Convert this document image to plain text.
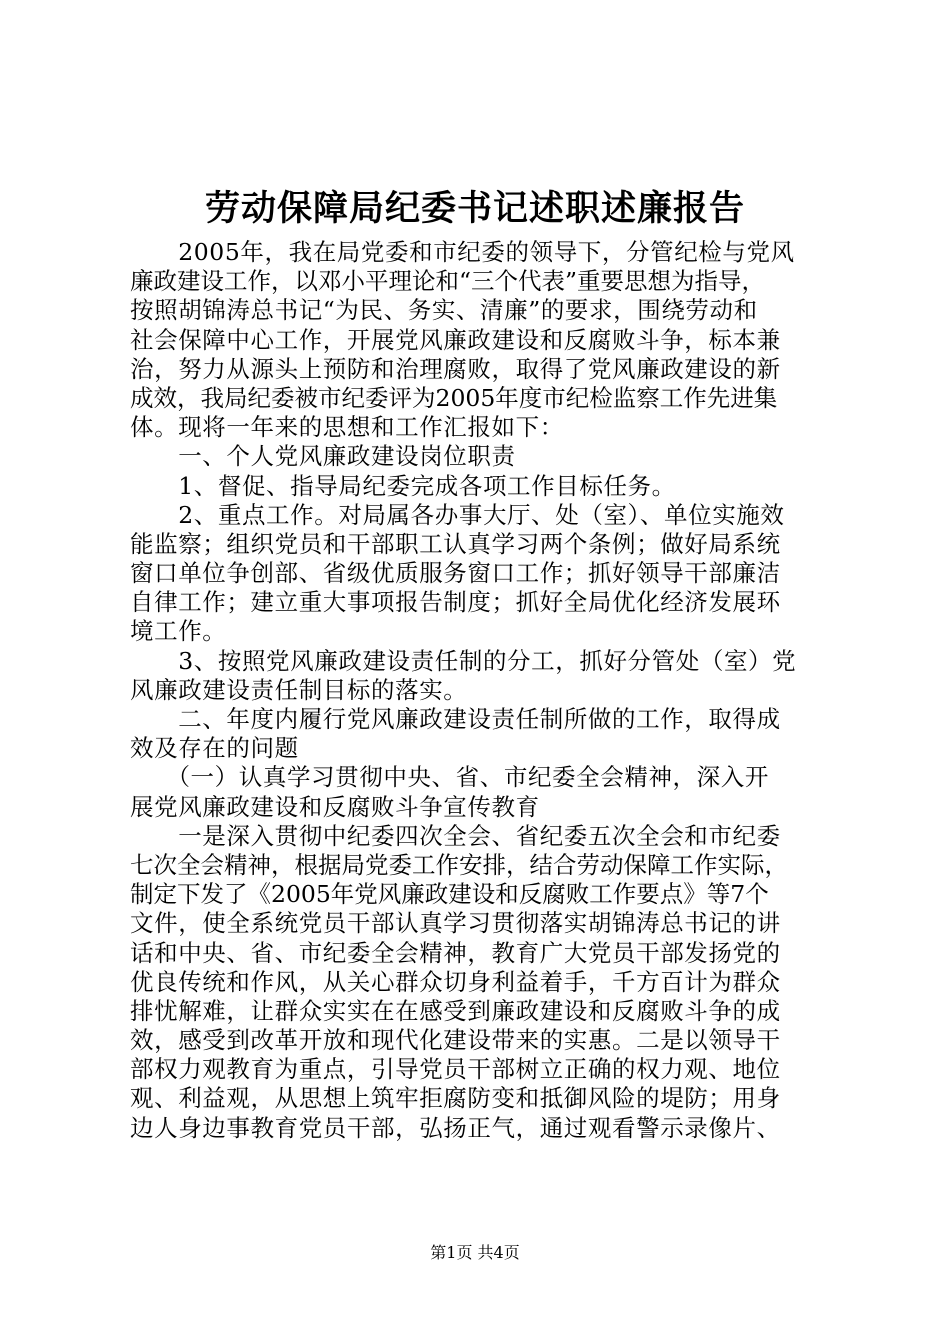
劳动保障局纪委书记述职述廉报告
　　2005年，我在局党委和市纪委的领导下，分管纪检与党风
廉政建设工作，以邓小平理论和“三个代表”重要思想为指导，
按照胡锦涛总书记“为民、务实、清廉”的要求，围绕劳动和
社会保障中心工作，开展党风廉政建设和反腐败斗争，标本兼
治，努力从源头上预防和治理腐败，取得了党风廉政建设的新
成效，我局纪委被市纪委评为2005年度市纪检监察工作先进集
体。现将一年来的思想和工作汇报如下：
　　一、个人党风廉政建设岗位职责
　　1、督促、指导局纪委完成各项工作目标任务。
　　2、重点工作。对局属各办事大厅、处（室）、单位实施效
能监察；组织党员和干部职工认真学习两个条例；做好局系统
窗口单位争创部、省级优质服务窗口工作；抓好领导干部廉洁
自律工作；建立重大事项报告制度；抓好全局优化经济发展环
境工作。
　　3、按照党风廉政建设责任制的分工，抓好分管处（室）党
风廉政建设责任制目标的落实。
　　二、年度内履行党风廉政建设责任制所做的工作，取得成
效及存在的问题
　　（一）认真学习贯彻中央、省、市纪委全会精神，深入开
展党风廉政建设和反腐败斗争宣传教育
　　一是深入贯彻中纪委四次全会、省纪委五次全会和市纪委
七次全会精神，根据局党委工作安排，结合劳动保障工作实际，
制定下发了《2005年党风廉政建设和反腐败工作要点》等7个
文件，使全系统党员干部认真学习贯彻落实胡锦涛总书记的讲
话和中央、省、市纪委全会精神，教育广大党员干部发扬党的
优良传统和作风，从关心群众切身利益着手，千方百计为群众
排忧解难，让群众实实在在感受到廉政建设和反腐败斗争的成
效，感受到改革开放和现代化建设带来的实惠。二是以领导干
部权力观教育为重点，引导党员干部树立正确的权力观、地位
观、利益观，从思想上筑牢拒腐防变和抵御风险的堤防；用身
边人身边事教育党员干部，弘扬正气，通过观看警示录像片、
第1页 共4页
